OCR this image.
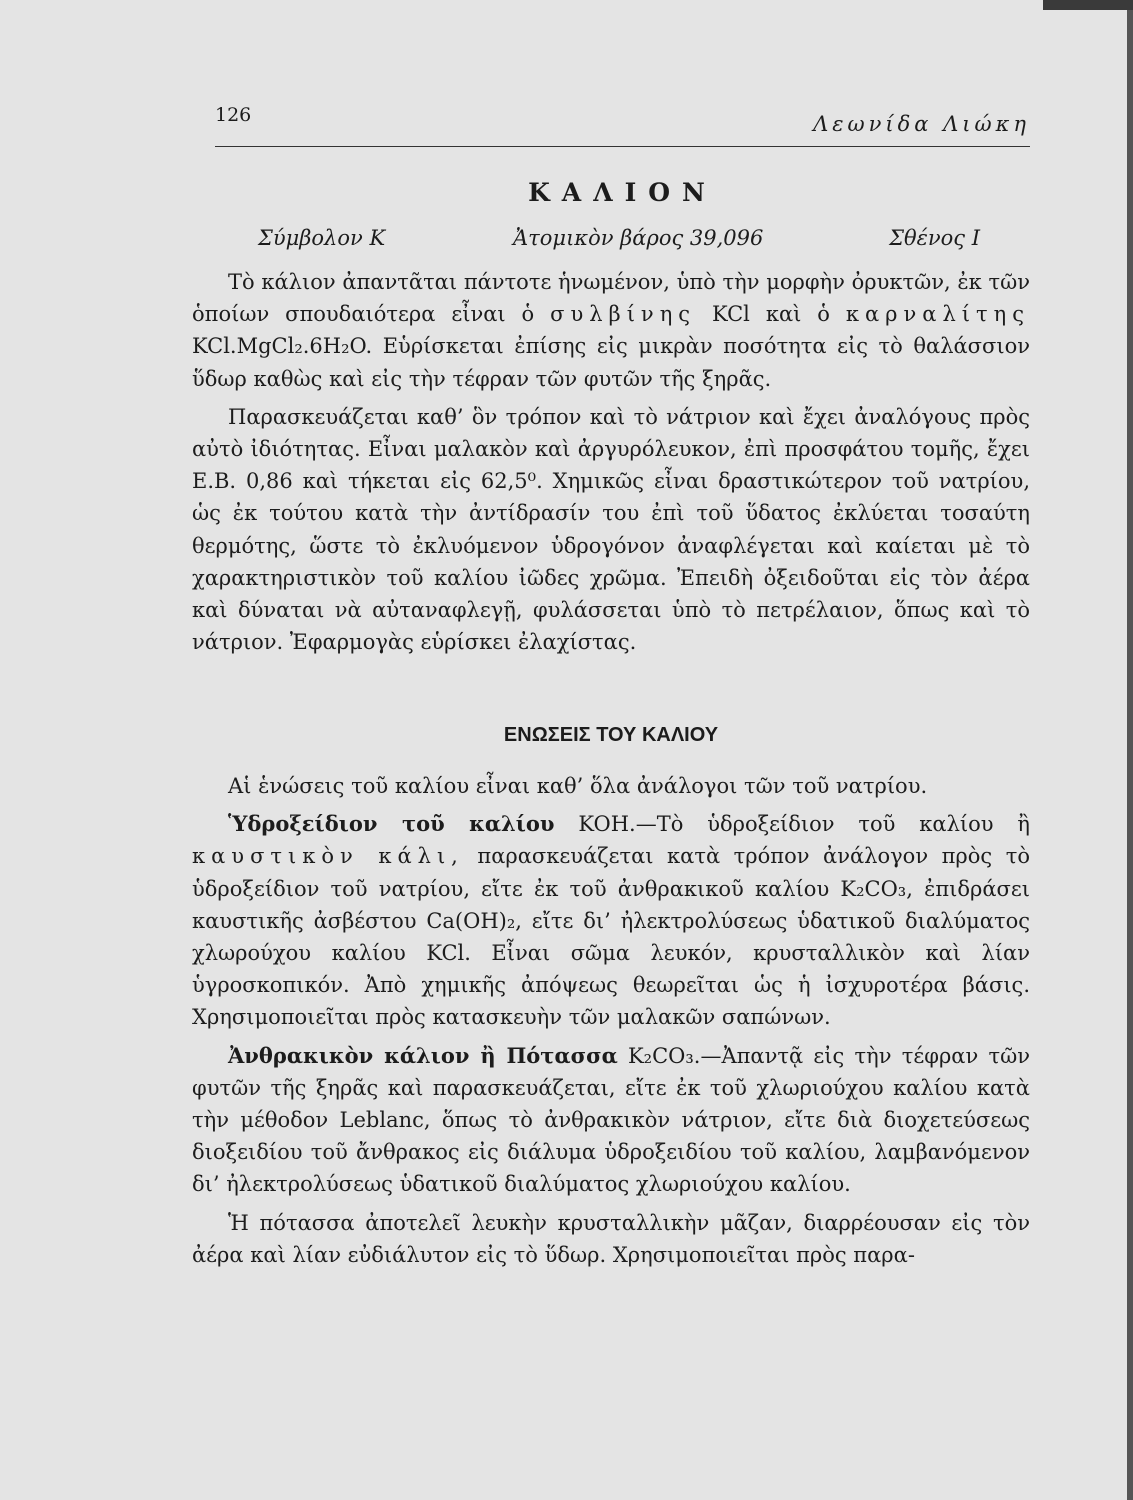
126	Λεωνίδα Λιώκη
ΚΑΛΙΟΝ
Σύμβολον K	Ἀτομικὸν βάρος 39,096	Σθένος I

Τὸ κάλιον ἀπαντᾶται πάντοτε ἡνωμένον, ὑπὸ τὴν μορφὴν ὀρυκτῶν, ἐκ τῶν ὁποίων σπουδαιότερα εἶναι ὁ συλβίνης KCl καὶ ὁ καρναλίτης KCl.MgCl₂.6H₂O. Εὑρίσκεται ἐπίσης εἰς μικρὰν ποσότητα εἰς τὸ θαλάσσιον ὕδωρ καθὼς καὶ εἰς τὴν τέφραν τῶν φυτῶν τῆς ξηρᾶς.

Παρασκευάζεται καθ’ ὃν τρόπον καὶ τὸ νάτριον καὶ ἔχει ἀναλόγους πρὸς αὐτὸ ἰδιότητας. Εἶναι μαλακὸν καὶ ἀργυρόλευκον, ἐπὶ προσφάτου τομῆς, ἔχει Ε.Β. 0,86 καὶ τήκεται εἰς 62,5⁰. Χημικῶς εἶναι δραστικώτερον τοῦ νατρίου, ὡς ἐκ τούτου κατὰ τὴν ἀντίδρασίν του ἐπὶ τοῦ ὕδατος ἐκλύεται τοσαύτη θερμότης, ὥστε τὸ ἐκλυόμενον ὑδρογόνον ἀναφλέγεται καὶ καίεται μὲ τὸ χαρακτηριστικὸν τοῦ καλίου ἰῶδες χρῶμα. Ἐπειδὴ ὀξειδοῦται εἰς τὸν ἀέρα καὶ δύναται νὰ αὐταναφλεγῇ, φυλάσσεται ὑπὸ τὸ πετρέλαιον, ὅπως καὶ τὸ νάτριον. Ἐφαρμογὰς εὑρίσκει ἐλαχίστας.

ΕΝΩΣΕΙΣ ΤΟΥ ΚΑΛΙΟΥ

Αἱ ἑνώσεις τοῦ καλίου εἶναι καθ’ ὅλα ἀνάλογοι τῶν τοῦ νατρίου.

Ὑδροξείδιον τοῦ καλίου KOH.—Τὸ ὑδροξείδιον τοῦ καλίου ἢ καυστικὸν κάλι, παρασκευάζεται κατὰ τρόπον ἀνάλογον πρὸς τὸ ὑδροξείδιον τοῦ νατρίου, εἴτε ἐκ τοῦ ἀνθρακικοῦ καλίου K₂CO₃, ἐπιδράσει καυστικῆς ἀσβέστου Ca(OH)₂, εἴτε δι’ ἠλεκτρολύσεως ὑδατικοῦ διαλύματος χλωρούχου καλίου KCl. Εἶναι σῶμα λευκόν, κρυσταλλικὸν καὶ λίαν ὑγροσκοπικόν. Ἀπὸ χημικῆς ἀπόψεως θεωρεῖται ὡς ἡ ἰσχυροτέρα βάσις. Χρησιμοποιεῖται πρὸς κατασκευὴν τῶν μαλακῶν σαπώνων.

Ἀνθρακικὸν κάλιον ἢ Πότασσα K₂CO₃.—Ἀπαντᾷ εἰς τὴν τέφραν τῶν φυτῶν τῆς ξηρᾶς καὶ παρασκευάζεται, εἴτε ἐκ τοῦ χλωριούχου καλίου κατὰ τὴν μέθοδον Leblanc, ὅπως τὸ ἀνθρακικὸν νάτριον, εἴτε διὰ διοχετεύσεως διοξειδίου τοῦ ἄνθρακος εἰς διάλυμα ὑδροξειδίου τοῦ καλίου, λαμβανόμενον δι’ ἠλεκτρολύσεως ὑδατικοῦ διαλύματος χλωριούχου καλίου.

Ἡ πότασσα ἀποτελεῖ λευκὴν κρυσταλλικὴν μᾶζαν, διαρρέουσαν εἰς τὸν ἀέρα καὶ λίαν εὐδιάλυτον εἰς τὸ ὕδωρ. Χρησιμοποιεῖται πρὸς παρα-
